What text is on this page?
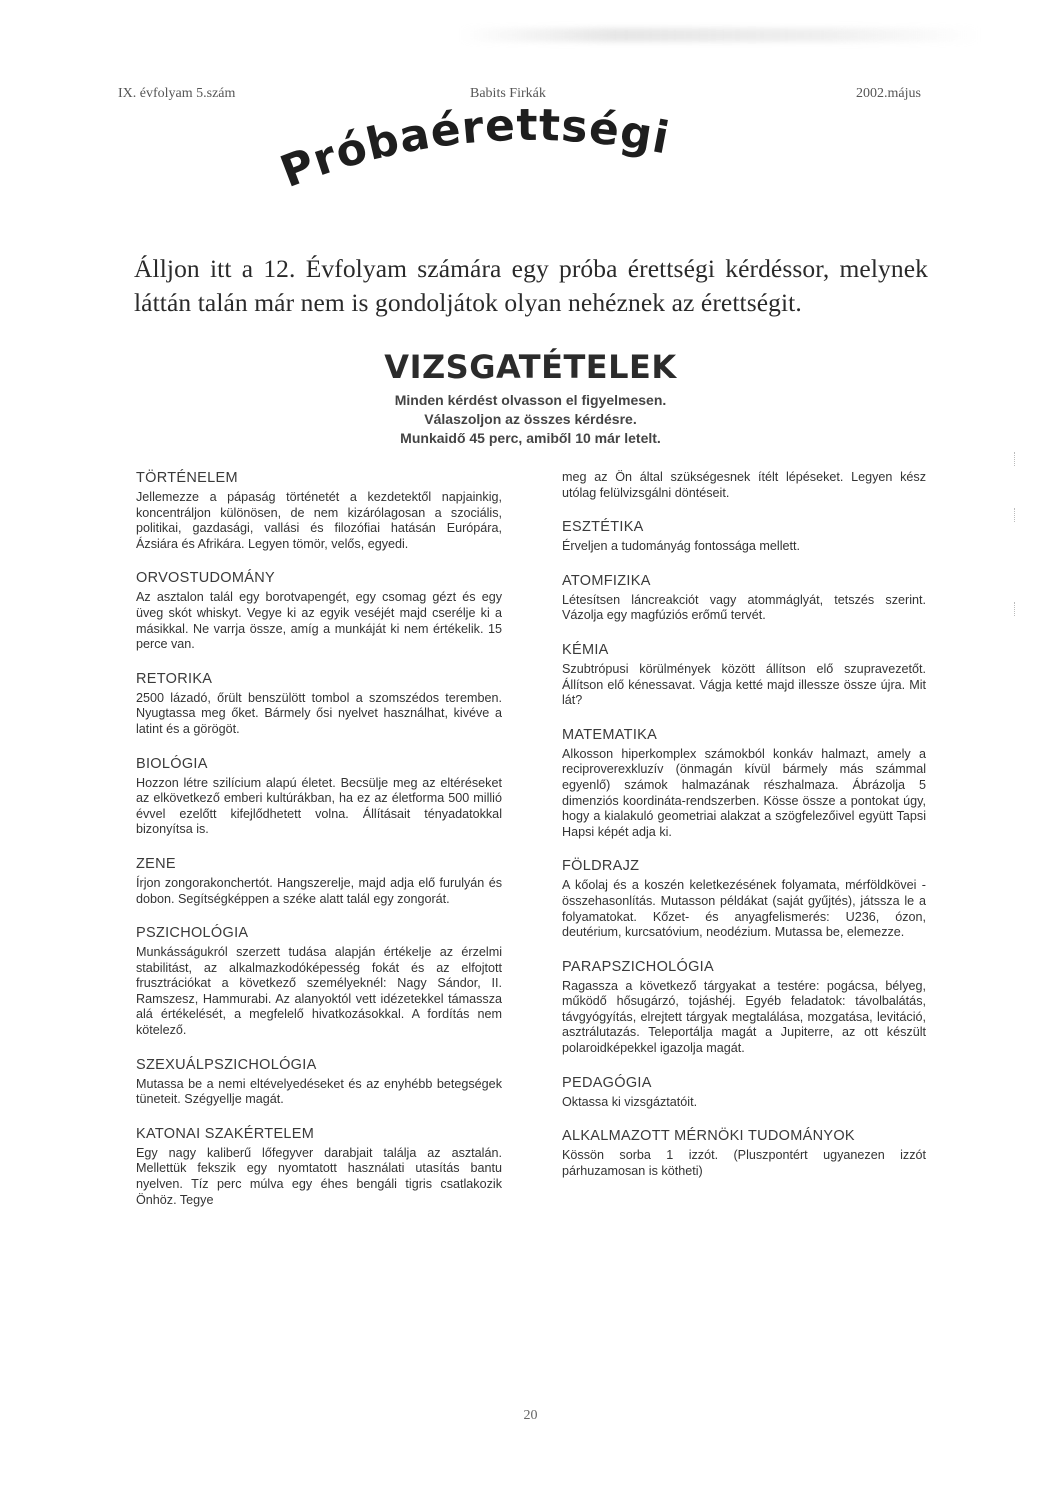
IX. évfolyam 5.szám	Babits Firkák	2002.május
Próbaérettségi

Álljon itt a 12. Évfolyam számára egy próba érettségi kérdéssor, melynek láttán talán már nem is gondoljátok olyan nehéznek az érettségit.

VIZSGATÉTELEK
Minden kérdést olvasson el figyelmesen.
Válaszoljon az összes kérdésre.
Munkaidő 45 perc, amiből 10 már letelt.
TÖRTÉNELEM

Jellemezze a pápaság történetét a kezdetektől napjainkig, koncentráljon különösen, de nem kizárólagosan a szociális, politikai, gazdasági, vallási és filozófiai hatásán Európára, Ázsiára és Afrikára. Legyen tömör, velős, egyedi.

ORVOSTUDOMÁNY

Az asztalon talál egy borotvapengét, egy csomag gézt és egy üveg skót whiskyt. Vegye ki az egyik veséjét majd cserélje ki a másikkal. Ne varrja össze, amíg a munkáját ki nem értékelik. 15 perce van.

RETORIKA

2500 lázadó, őrült benszülött tombol a szomszédos teremben. Nyugtassa meg őket. Bármely ősi nyelvet használhat, kivéve a latint és a görögöt.

BIOLÓGIA

Hozzon létre szilícium alapú életet. Becsülje meg az eltéréseket az elkövetkező emberi kultúrákban, ha ez az életforma 500 millió évvel ezelőtt kifejlődhetett volna. Állításait tényadatokkal bizonyítsa is.

ZENE

Írjon zongorakonchertót. Hangszerelje, majd adja elő furulyán és dobon. Segítségképpen a széke alatt talál egy zongorát.

PSZICHOLÓGIA

Munkásságukról szerzett tudása alapján értékelje az érzelmi stabilitást, az alkalmazkodóképesség fokát és az elfojtott frusztrációkat a következő személyeknél: Nagy Sándor, II. Ramszesz, Hammurabi. Az alanyoktól vett idézetekkel támassza alá értékelését, a megfelelő hivatkozásokkal. A fordítás nem kötelező.

SZEXUÁLPSZICHOLÓGIA

Mutassa be a nemi eltévelyedéseket és az enyhébb betegségek tüneteit. Szégyellje magát.

KATONAI SZAKÉRTELEM

Egy nagy kaliberű lőfegyver darabjait találja az asztalán. Mellettük fekszik egy nyomtatott használati utasítás bantu nyelven. Tíz perc múlva egy éhes bengáli tigris csatlakozik Önhöz. Tegye

meg az Ön által szükségesnek ítélt lépéseket. Legyen kész utólag felülvizsgálni döntéseit.

ESZTÉTIKA

Érveljen a tudományág fontossága mellett.

ATOMFIZIKA

Létesítsen láncreakciót vagy atommáglyát, tetszés szerint. Vázolja egy magfúziós erőmű tervét.

KÉMIA

Szubtrópusi körülmények között állítson elő szupravezetőt. Állítson elő kénessavat. Vágja ketté majd illessze össze újra. Mit lát?

MATEMATIKA

Alkosson hiperkomplex számokból konkáv halmazt, amely a reciproverexkluzív (önmagán kívül bármely más számmal egyenlő) számok halmazának részhalmaza. Ábrázolja 5 dimenziós koordináta-rendszerben. Kösse össze a pontokat úgy, hogy a kialakuló geometriai alakzat a szögfelezőivel együtt Tapsi Hapsi képét adja ki.

FÖLDRAJZ

A kőolaj és a koszén keletkezésének folyamata, mérföldkövei - összehasonlítás. Mutasson példákat (saját gyűjtés), játssza le a folyamatokat. Kőzet- és anyagfelismerés: U236, ózon, deutérium, kurcsatóvium, neodézium. Mutassa be, elemezze.

PARAPSZICHOLÓGIA

Ragassza a következő tárgyakat a testére: pogácsa, bélyeg, működő hősugárzó, tojáshéj. Egyéb feladatok: távolbalátás, távgyógyítás, elrejtett tárgyak megtalálása, mozgatása, levitáció, asztrálutazás. Teleportálja magát a Jupiterre, az ott készült polaroidképekkel igazolja magát.

PEDAGÓGIA

Oktassa ki vizsgáztatóit.

ALKALMAZOTT MÉRNÖKI TUDOMÁNYOK

Kössön sorba 1 izzót. (Pluszpontért ugyanezen izzót párhuzamosan is kötheti)

20
